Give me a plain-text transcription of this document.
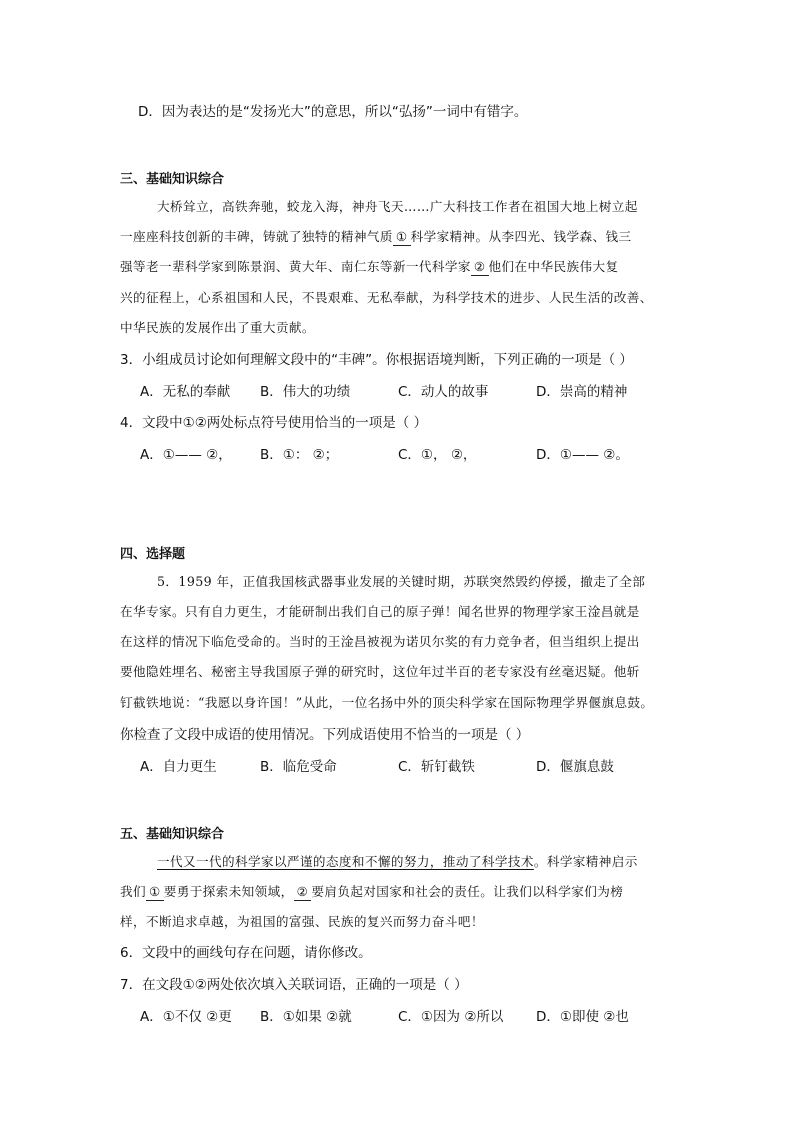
D．因为表达的是“发扬光大”的意思，所以“弘扬”一词中有错字。
三、基础知识综合
大桥耸立，高铁奔驰，蛟龙入海，神舟飞天……广大科技工作者在祖国大地上树立起
一座座科技创新的丰碑，铸就了独特的精神气质 ① 科学家精神。从李四光、钱学森、钱三
强等老一辈科学家到陈景润、黄大年、南仁东等新一代科学家 ② 他们在中华民族伟大复
兴的征程上，心系祖国和人民，不畏艰难、无私奉献，为科学技术的进步、人民生活的改善、
中华民族的发展作出了重大贡献。
3．小组成员讨论如何理解文段中的“丰碑”。你根据语境判断，下列正确的一项是（ ）
A．无私的奉献 B．伟大的功绩	C．动人的故事	D．崇高的精神
4．文段中①②两处标点符号使用恰当的一项是（ ）
A．①—— ②， B．①： ②；	C．①， ②，	D．①—— ②。
四、选择题
5．1959 年，正值我国核武器事业发展的关键时期，苏联突然毁约停援，撤走了全部
在华专家。只有自力更生，才能研制出我们自己的原子弹！闻名世界的物理学家王淦昌就是
在这样的情况下临危受命的。当时的王淦昌被视为诺贝尔奖的有力竞争者，但当组织上提出
要他隐姓埋名、秘密主导我国原子弹的研究时，这位年过半百的老专家没有丝毫迟疑。他斩
钉截铁地说：“我愿以身许国！”从此，一位名扬中外的顶尖科学家在国际物理学界偃旗息鼓。
你检查了文段中成语的使用情况。下列成语使用不恰当的一项是（ ）
A．自力更生	B．临危受命	C．斩钉截铁	D．偃旗息鼓
五、基础知识综合
一代又一代的科学家以严谨的态度和不懈的努力，推动了科学技术。科学家精神启示
我们 ① 要勇于探索未知领域， ② 要肩负起对国家和社会的责任。让我们以科学家们为榜
样，不断追求卓越，为祖国的富强、民族的复兴而努力奋斗吧！
6．文段中的画线句存在问题，请你修改。
7．在文段①②两处依次填入关联词语，正确的一项是（ ）
A．①不仅 ②更 B．①如果 ②就	C．①因为 ②所以 D．①即使 ②也
